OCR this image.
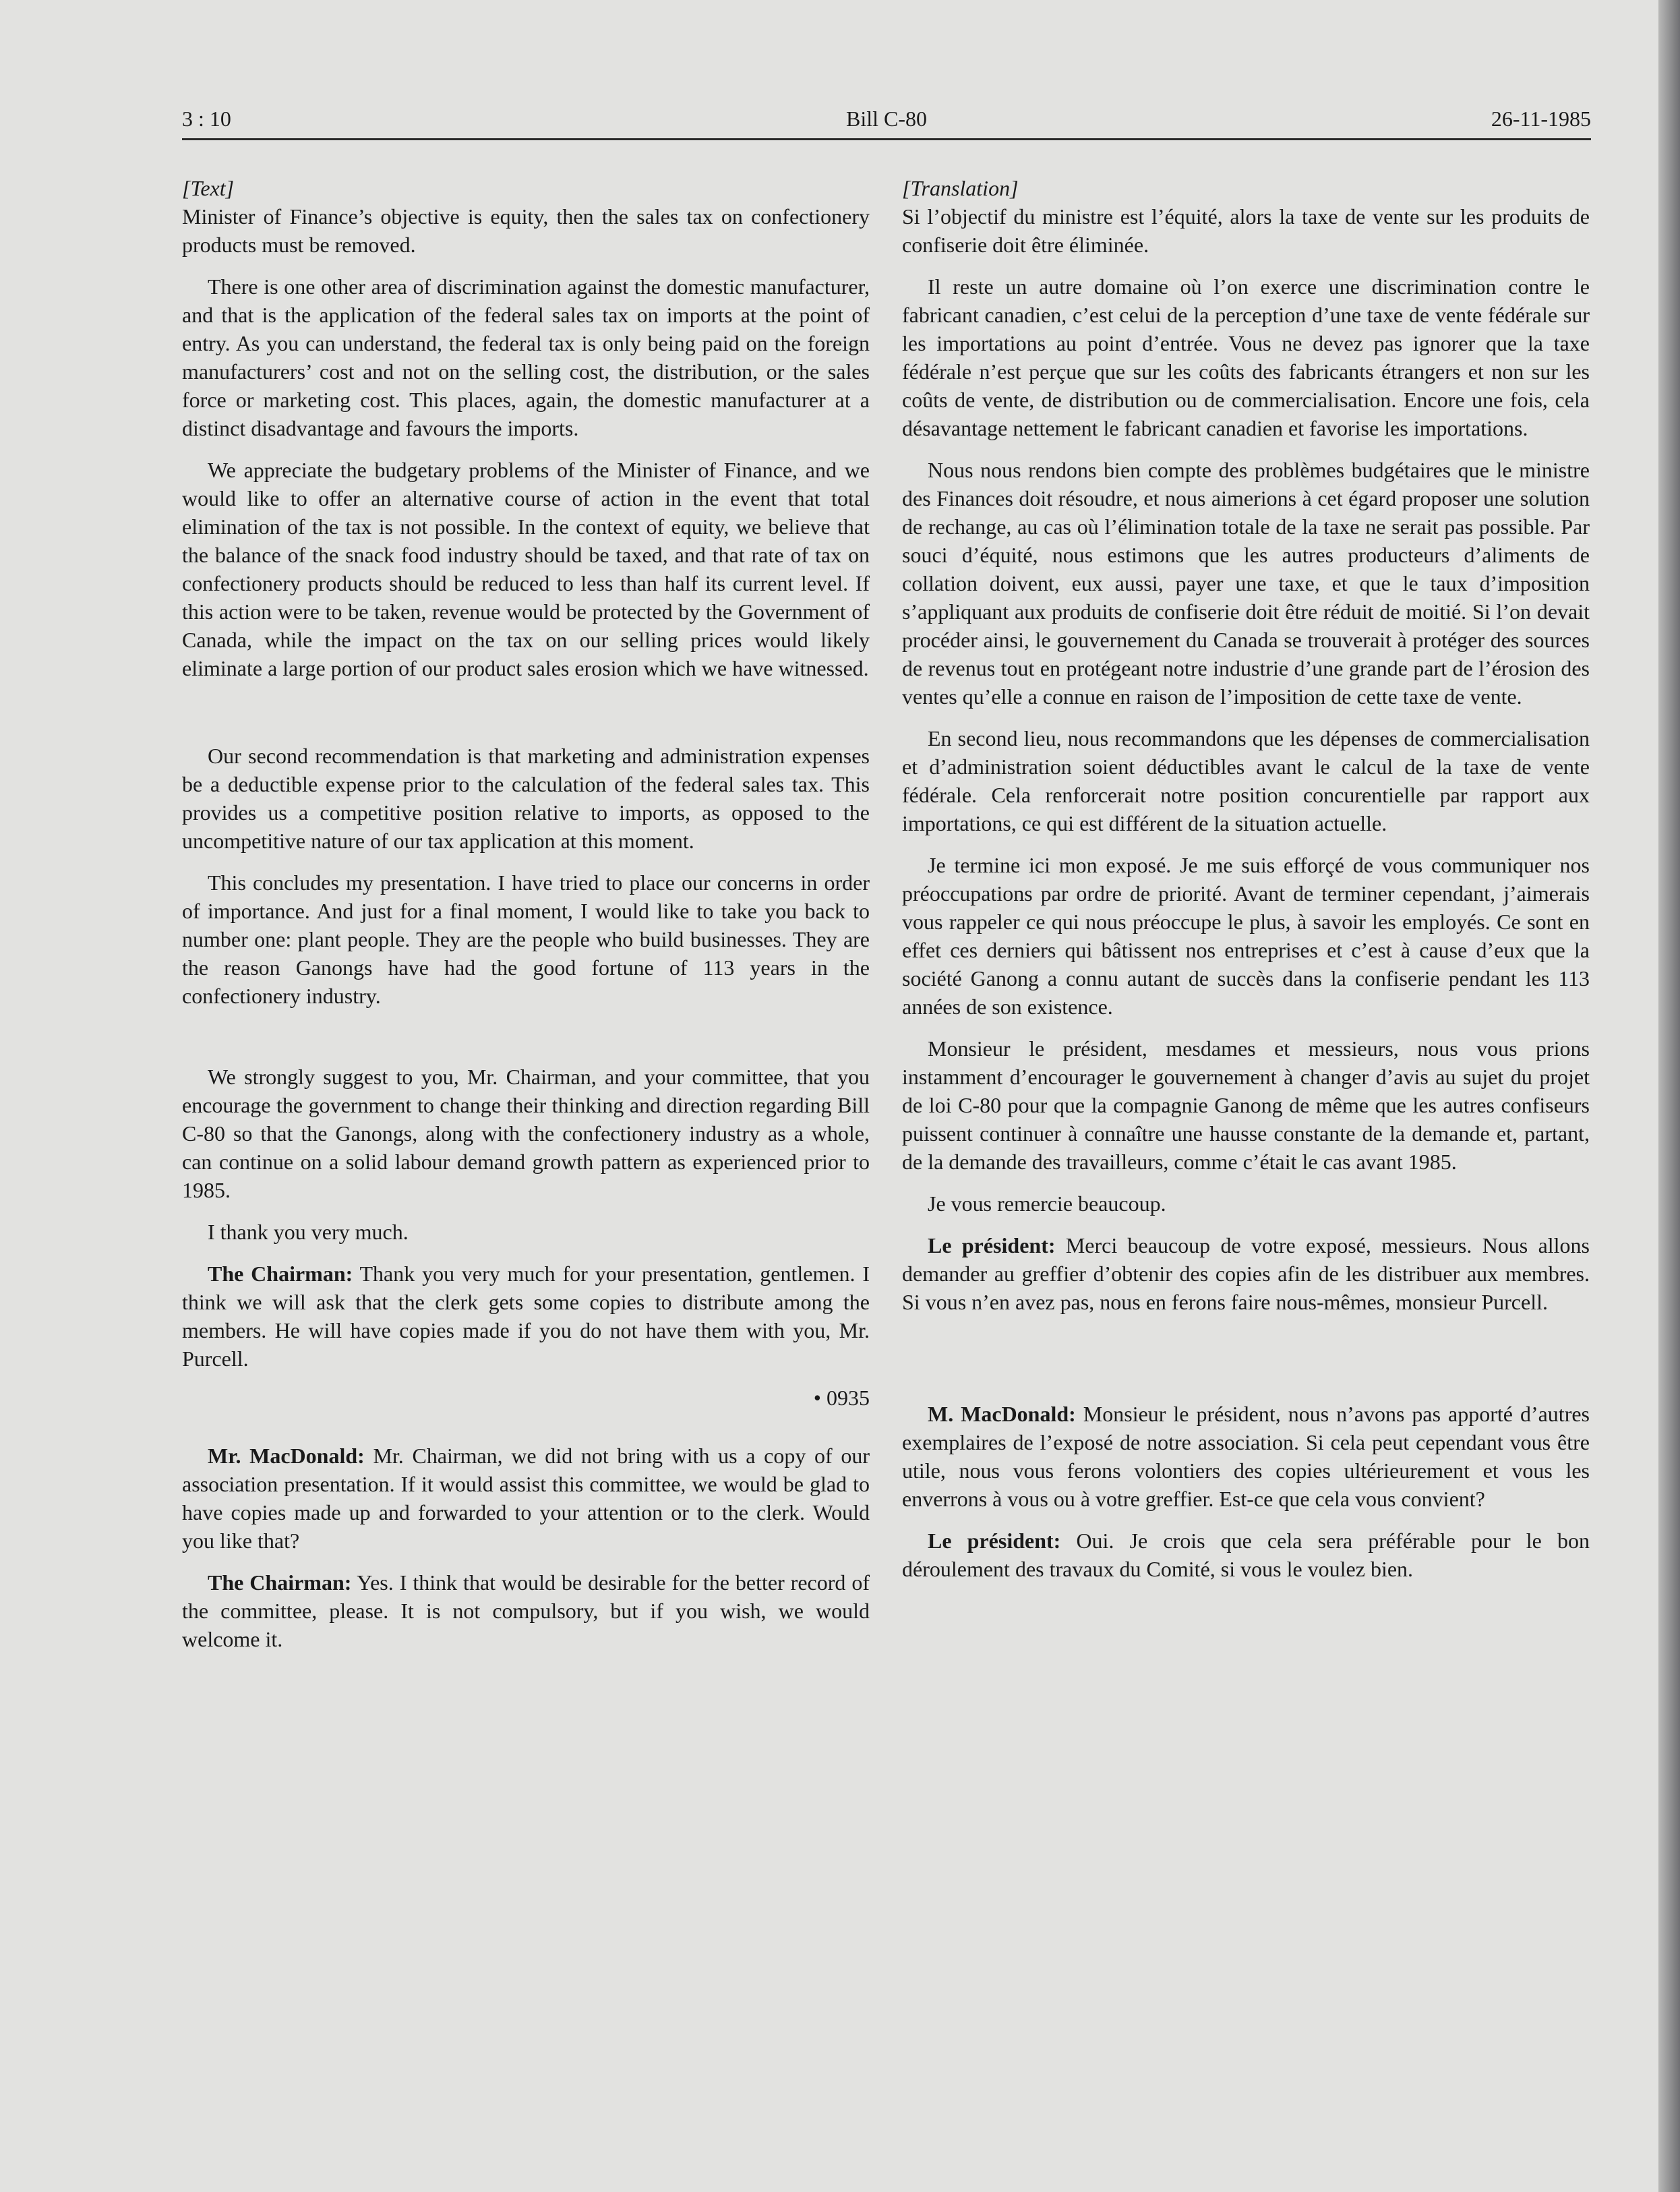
3 : 10	Bill C-80	26-11-1985

[Text]

Minister of Finance’s objective is equity, then the sales tax on confectionery products must be removed.

There is one other area of discrimination against the domestic manufacturer, and that is the application of the federal sales tax on imports at the point of entry. As you can understand, the federal tax is only being paid on the foreign manufacturers’ cost and not on the selling cost, the distribution, or the sales force or marketing cost. This places, again, the domestic manufacturer at a distinct disadvantage and favours the imports.

We appreciate the budgetary problems of the Minister of Finance, and we would like to offer an alternative course of action in the event that total elimination of the tax is not possible. In the context of equity, we believe that the balance of the snack food industry should be taxed, and that rate of tax on confectionery products should be reduced to less than half its current level. If this action were to be taken, revenue would be protected by the Government of Canada, while the impact on the tax on our selling prices would likely eliminate a large portion of our product sales erosion which we have witnessed.

Our second recommendation is that marketing and administration expenses be a deductible expense prior to the calculation of the federal sales tax. This provides us a competitive position relative to imports, as opposed to the uncompetitive nature of our tax application at this moment.

This concludes my presentation. I have tried to place our concerns in order of importance. And just for a final moment, I would like to take you back to number one: plant people. They are the people who build businesses. They are the reason Ganongs have had the good fortune of 113 years in the confectionery industry.

We strongly suggest to you, Mr. Chairman, and your committee, that you encourage the government to change their thinking and direction regarding Bill C-80 so that the Ganongs, along with the confectionery industry as a whole, can continue on a solid labour demand growth pattern as experienced prior to 1985.

I thank you very much.

The Chairman: Thank you very much for your presentation, gentlemen. I think we will ask that the clerk gets some copies to distribute among the members. He will have copies made if you do not have them with you, Mr. Purcell.

• 0935

Mr. MacDonald: Mr. Chairman, we did not bring with us a copy of our association presentation. If it would assist this committee, we would be glad to have copies made up and forwarded to your attention or to the clerk. Would you like that?

The Chairman: Yes. I think that would be desirable for the better record of the committee, please. It is not compulsory, but if you wish, we would welcome it.

[Translation]

Si l’objectif du ministre est l’équité, alors la taxe de vente sur les produits de confiserie doit être éliminée.

Il reste un autre domaine où l’on exerce une discrimination contre le fabricant canadien, c’est celui de la perception d’une taxe de vente fédérale sur les importations au point d’entrée. Vous ne devez pas ignorer que la taxe fédérale n’est perçue que sur les coûts des fabricants étrangers et non sur les coûts de vente, de distribution ou de commercialisation. Encore une fois, cela désavantage nettement le fabricant canadien et favorise les importations.

Nous nous rendons bien compte des problèmes budgétaires que le ministre des Finances doit résoudre, et nous aimerions à cet égard proposer une solution de rechange, au cas où l’élimination totale de la taxe ne serait pas possible. Par souci d’équité, nous estimons que les autres producteurs d’aliments de collation doivent, eux aussi, payer une taxe, et que le taux d’imposition s’appliquant aux produits de confiserie doit être réduit de moitié. Si l’on devait procéder ainsi, le gouvernement du Canada se trouverait à protéger des sources de revenus tout en protégeant notre industrie d’une grande part de l’érosion des ventes qu’elle a connue en raison de l’imposition de cette taxe de vente.

En second lieu, nous recommandons que les dépenses de commercialisation et d’administration soient déductibles avant le calcul de la taxe de vente fédérale. Cela renforcerait notre position concurentielle par rapport aux importations, ce qui est différent de la situation actuelle.

Je termine ici mon exposé. Je me suis efforçé de vous communiquer nos préoccupations par ordre de priorité. Avant de terminer cependant, j’aimerais vous rappeler ce qui nous préoccupe le plus, à savoir les employés. Ce sont en effet ces derniers qui bâtissent nos entreprises et c’est à cause d’eux que la société Ganong a connu autant de succès dans la confiserie pendant les 113 années de son existence.

Monsieur le président, mesdames et messieurs, nous vous prions instamment d’encourager le gouvernement à changer d’avis au sujet du projet de loi C-80 pour que la compagnie Ganong de même que les autres confiseurs puissent continuer à connaître une hausse constante de la demande et, partant, de la demande des travailleurs, comme c’était le cas avant 1985.

Je vous remercie beaucoup.

Le président: Merci beaucoup de votre exposé, messieurs. Nous allons demander au greffier d’obtenir des copies afin de les distribuer aux membres. Si vous n’en avez pas, nous en ferons faire nous-mêmes, monsieur Purcell.

M. MacDonald: Monsieur le président, nous n’avons pas apporté d’autres exemplaires de l’exposé de notre association. Si cela peut cependant vous être utile, nous vous ferons volontiers des copies ultérieurement et vous les enverrons à vous ou à votre greffier. Est-ce que cela vous convient?

Le président: Oui. Je crois que cela sera préférable pour le bon déroulement des travaux du Comité, si vous le voulez bien.
